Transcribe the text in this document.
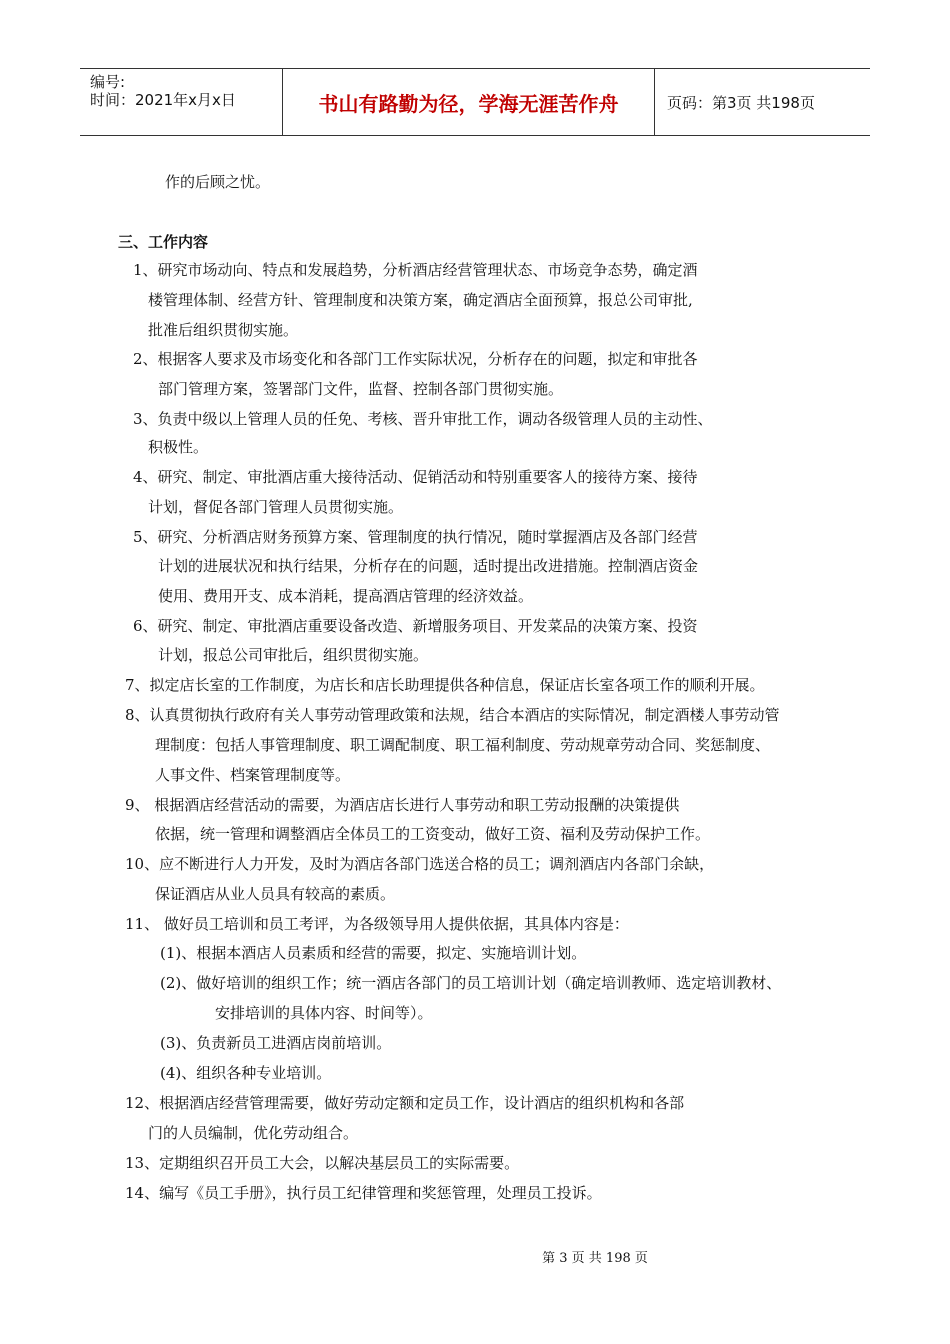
编号:
时间：2021年x月x日	书山有路勤为径，学海无涯苦作舟	页码：第3页 共198页
作的后顾之忧。
三、工作内容
1、研究市场动向、特点和发展趋势，分析酒店经营管理状态、市场竞争态势，确定酒
楼管理体制、经营方针、管理制度和决策方案，确定酒店全面预算，报总公司审批,
批准后组织贯彻实施。
2、根据客人要求及市场变化和各部门工作实际状况，分析存在的问题，拟定和审批各
部门管理方案，签署部门文件，监督、控制各部门贯彻实施。
3、负责中级以上管理人员的任免、考核、晋升审批工作，调动各级管理人员的主动性、
积极性。
4、研究、制定、审批酒店重大接待活动、促销活动和特别重要客人的接待方案、接待
计划，督促各部门管理人员贯彻实施。
5、研究、分析酒店财务预算方案、管理制度的执行情况，随时掌握酒店及各部门经营
计划的进展状况和执行结果，分析存在的问题，适时提出改进措施。控制酒店资金
使用、费用开支、成本消耗，提高酒店管理的经济效益。
6、研究、制定、审批酒店重要设备改造、新增服务项目、开发菜品的决策方案、投资
计划，报总公司审批后，组织贯彻实施。
7、拟定店长室的工作制度，为店长和店长助理提供各种信息，保证店长室各项工作的顺利开展。
8、认真贯彻执行政府有关人事劳动管理政策和法规，结合本酒店的实际情况，制定酒楼人事劳动管
理制度：包括人事管理制度、职工调配制度、职工福利制度、劳动规章劳动合同、奖惩制度、
人事文件、档案管理制度等。
9、 根据酒店经营活动的需要，为酒店店长进行人事劳动和职工劳动报酬的决策提供
依据，统一管理和调整酒店全体员工的工资变动，做好工资、福利及劳动保护工作。
10、应不断进行人力开发，及时为酒店各部门选送合格的员工；调剂酒店内各部门余缺，
保证酒店从业人员具有较高的素质。
11、 做好员工培训和员工考评，为各级领导用人提供依据，其具体内容是：
(1)、根据本酒店人员素质和经营的需要，拟定、实施培训计划。
(2)、做好培训的组织工作；统一酒店各部门的员工培训计划（确定培训教师、选定培训教材、
安排培训的具体内容、时间等）。
(3)、负责新员工进酒店岗前培训。
(4)、组织各种专业培训。
12、根据酒店经营管理需要，做好劳动定额和定员工作，设计酒店的组织机构和各部
门的人员编制，优化劳动组合。
13、定期组织召开员工大会，以解决基层员工的实际需要。
14、编写《员工手册》，执行员工纪律管理和奖惩管理，处理员工投诉。
第 3 页 共 198 页
